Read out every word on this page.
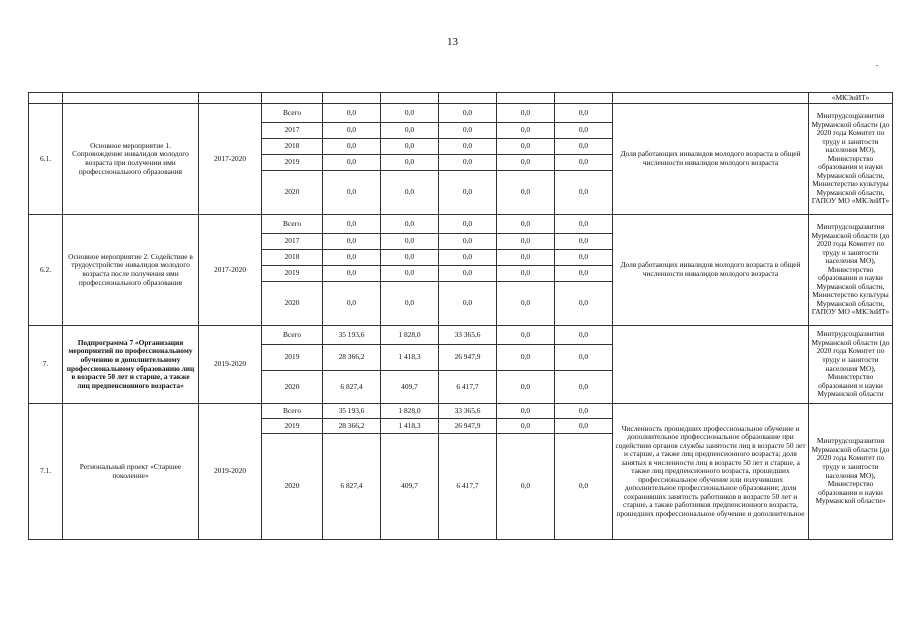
13
.
										«МКЭиИТ»
6.1.	Основное мероприятие 1. Сопровождение инвалидов молодого возраста при получении ими профессионального образования	2017-2020	Всего	0,0	0,0	0,0	0,0	0,0	Доля работающих инвалидов молодого возраста в общей численности инвалидов молодого возраста	Минтрудсоцразвития Мурманской области (до 2020 года Комитет по труду и занятости населения МО), Министерство образования и науки Мурманской области, Министерство культуры Мурманской области, ГАПОУ МО «МКЭиИТ»
			2017	0,0	0,0	0,0	0,0	0,0		
			2018	0,0	0,0	0,0	0,0	0,0		
			2019	0,0	0,0	0,0	0,0	0,0		
			2020	0,0	0,0	0,0	0,0	0,0		
6.2.	Основное мероприятие 2. Содействие в трудоустройстве инвалидов молодого возраста после получения ими профессионального образования	2017-2020	Всего	0,0	0,0	0,0	0,0	0,0	Доля работающих инвалидов молодого возраста в общей численности инвалидов молодого возраста	Минтрудсоцразвития Мурманской области (до 2020 года Комитет по труду и занятости населения МО), Министерство образования и науки Мурманской области, Министерство культуры Мурманской области, ГАПОУ МО «МКЭиИТ»
			2017	0,0	0,0	0,0	0,0	0,0		
			2018	0,0	0,0	0,0	0,0	0,0		
			2019	0,0	0,0	0,0	0,0	0,0		
			2020	0,0	0,0	0,0	0,0	0,0		
7.	Подпрограмма 7 «Организация мероприятий по профессиональному обучению и дополнительному профессиональному образованию лиц в возрасте 50 лет и старше, а также лиц предпенсионного возраста»	2019-2020	Всего	35 193,6	1 828,0	33 365,6	0,0	0,0		Минтрудсоцразвития Мурманской области (до 2020 года Комитет по труду и занятости населения МО), Министерство образования и науки Мурманской области
			2019	28 366,2	1 418,3	26 947,9	0,0	0,0		
			2020	6 827,4	409,7	6 417,7	0,0	0,0		
7.1.	Региональный проект «Старшее поколение»	2019-2020	Всего	35 193,6	1 828,0	33 365,6	0,0	0,0	Численность прошедших профессиональное обучение и дополнительное профессиональное образование при содействии органов службы занятости лиц в возрасте 50 лет и старше, а также лиц предпенсионного возраста; доля занятых в численности лиц в возрасте 50 лет и старше, а также лиц предпенсионного возраста, прошедших профессиональное обучение или получивших дополнительное профессиональное образование; доля сохранивших занятость работников в возрасте 50 лет и старше, а также работников предпенсионного возраста, прошедших профессиональное обучение и дополнительное	Минтрудсоцразвития Мурманской области (до 2020 года Комитет по труду и занятости населения МО), Министерство образования и науки Мурманской области»
			2019	28 366,2	1 418,3	26 947,9	0,0	0,0		
			2020	6 827,4	409,7	6 417,7	0,0	0,0		
